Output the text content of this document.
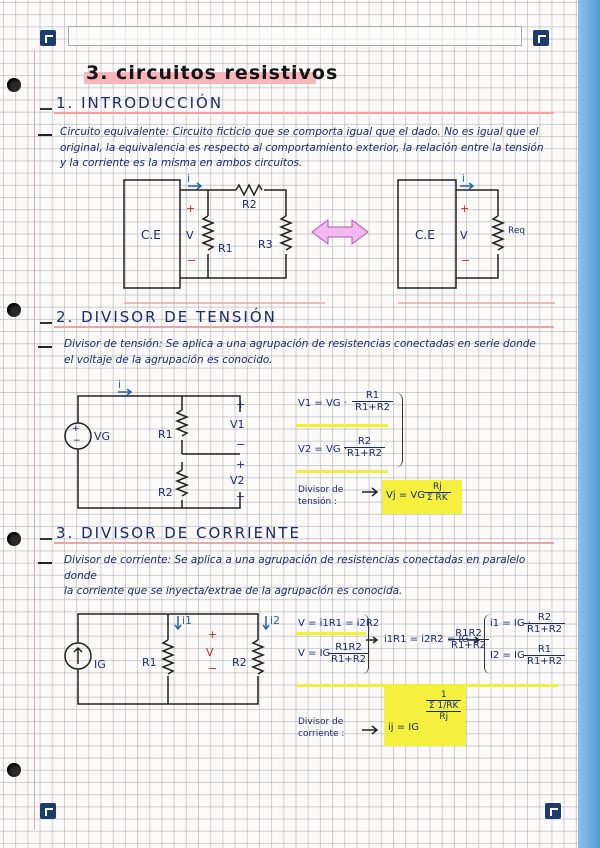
3. circuitos resistivos
1. INTRODUCCIÓN
Circuito equivalente: Circuito ficticio que se comporta igual que el dado. No es igual que el
original, la equivalencia es respecto al comportamiento exterior, la relación entre la tensión
y la corriente es la misma en ambos circuitos.
2. DIVISOR DE TENSIÓN
Divisor de tensión: Se aplica a una agrupación de resistencias conectadas en serie donde
el voltaje de la agrupación es conocido.
3. DIVISOR DE CORRIENTE
Divisor de corriente: Se aplica a una agrupación de resistencias conectadas en paralelo donde
la corriente que se inyecta/extrae de la agrupación es conocida.
C.E
i
+
V
−
R2
R1 R3
C.E
i
+
V
−
Req
+
− VG
i
R1
R2
+
V1
−
+
V2
−
V1 = VG · $\frac{R1}{R1+R2}$
V2 = VG ·
$\frac{R2}{R1+R2}$
Divisor de
tensión :
Vj = VG $\frac{Rj}{\text{Σ RK}}$
IG
i1	i2
R1	R2
+
V
−
V = i1R1 = i2R2
V = IG
$\frac{R1R2}{R1+R2}$
i1R1 = i2R2 = IG
$\frac{R1R2}{R1+R2}$
i1 = IG ·
$\frac{R2}{R1+R2}$
I2 = IG $\frac{R1}{R1+R2}$
Divisor de
corriente :
ij = IG
1
Σ 1/RK
Rj
